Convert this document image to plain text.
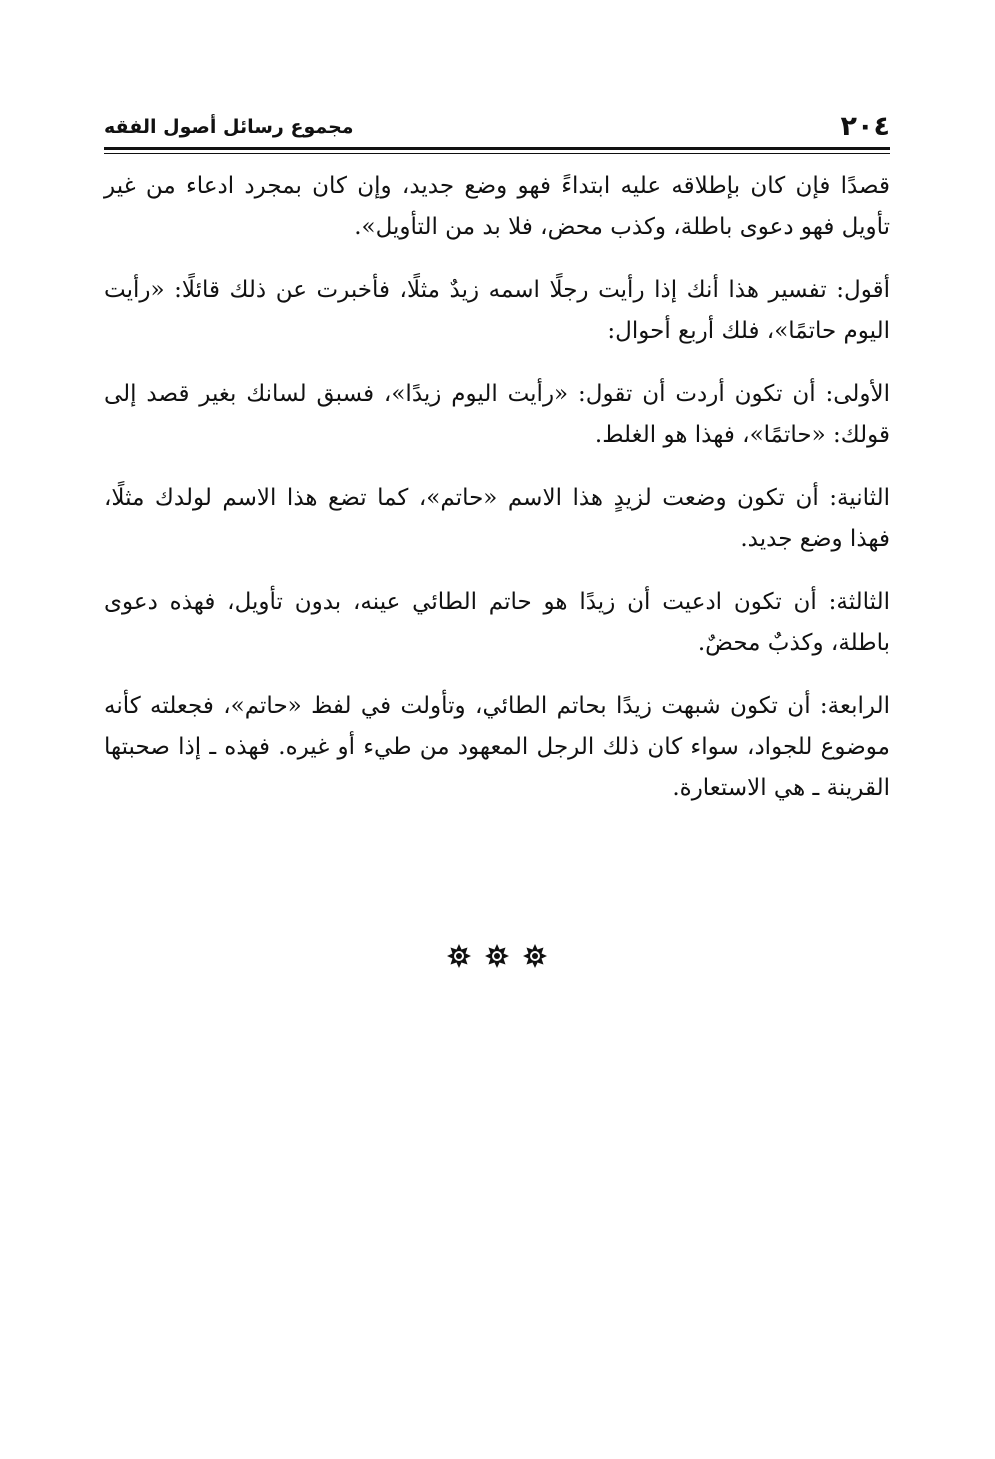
٢٠٤
مجموع رسائل أصول الفقه

قصدًا فإن كان بإطلاقه عليه ابتداءً فهو وضع جديد، وإن كان بمجرد ادعاء من غير تأويل فهو دعوى باطلة، وكذب محض، فلا بد من التأويل».

أقول: تفسير هذا أنك إذا رأيت رجلًا اسمه زيدٌ مثلًا، فأخبرت عن ذلك قائلًا: «رأيت اليوم حاتمًا»، فلك أربع أحوال:

الأولى: أن تكون أردت أن تقول: «رأيت اليوم زيدًا»، فسبق لسانك بغير قصد إلى قولك: «حاتمًا»، فهذا هو الغلط.

الثانية: أن تكون وضعت لزيدٍ هذا الاسم «حاتم»، كما تضع هذا الاسم لولدك مثلًا، فهذا وضع جديد.

الثالثة: أن تكون ادعيت أن زيدًا هو حاتم الطائي عينه، بدون تأويل، فهذه دعوى باطلة، وكذبٌ محضٌ.

الرابعة: أن تكون شبهت زيدًا بحاتم الطائي، وتأولت في لفظ «حاتم»، فجعلته كأنه موضوع للجواد، سواء كان ذلك الرجل المعهود من طيء أو غيره. فهذه ـ إذا صحبتها القرينة ـ هي الاستعارة.
